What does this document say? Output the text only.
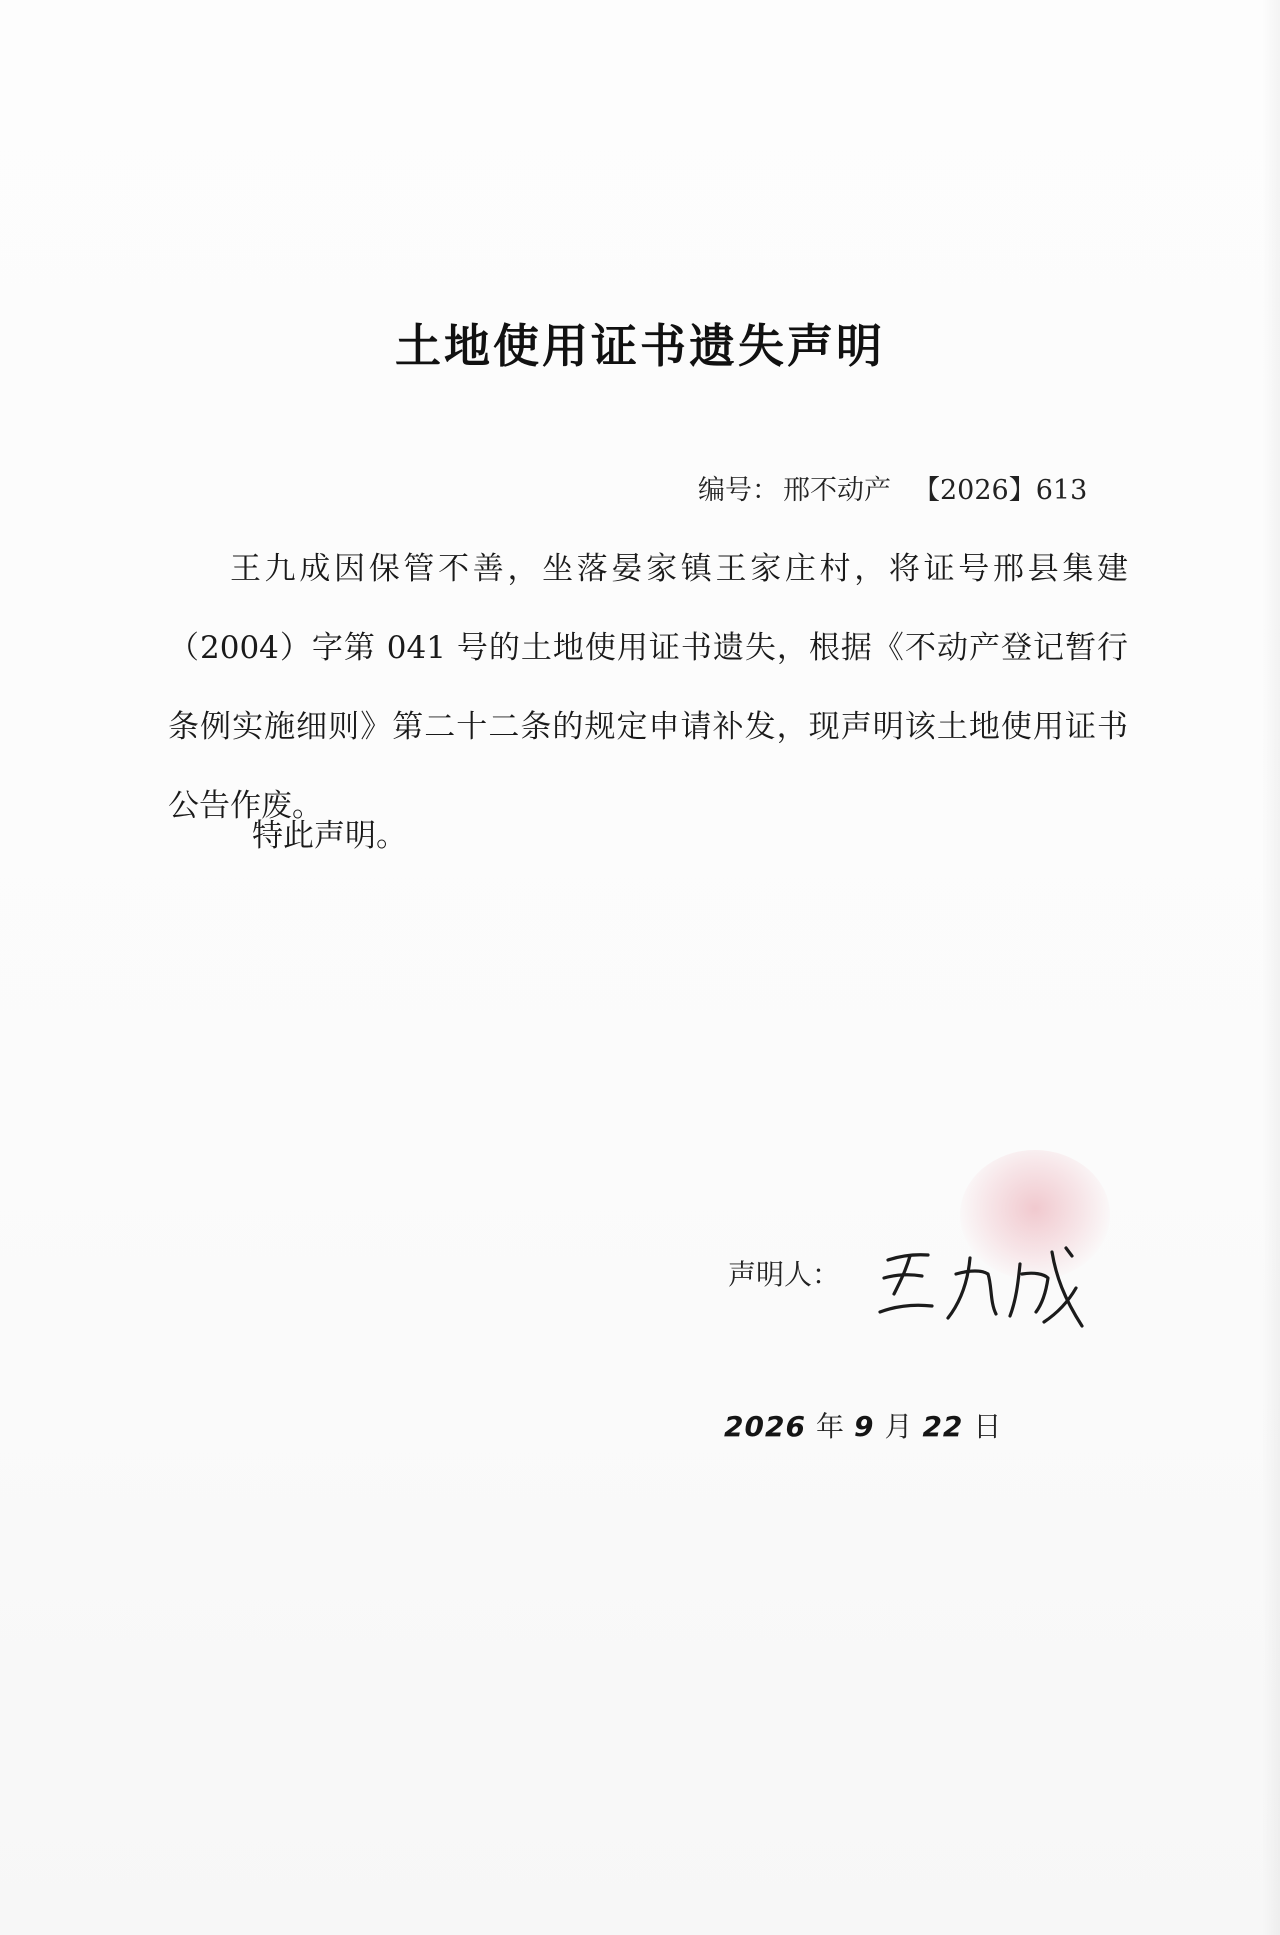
土地使用证书遗失声明
编号： 邢不动产 【2026】613

王九成因保管不善，坐落晏家镇王家庄村，将证号邢县集建（2004）字第 041 号的土地使用证书遗失，根据《不动产登记暂行条例实施细则》第二十二条的规定申请补发，现声明该土地使用证书公告作废。

特此声明。
声明人：
2026 年 9 月 22 日
